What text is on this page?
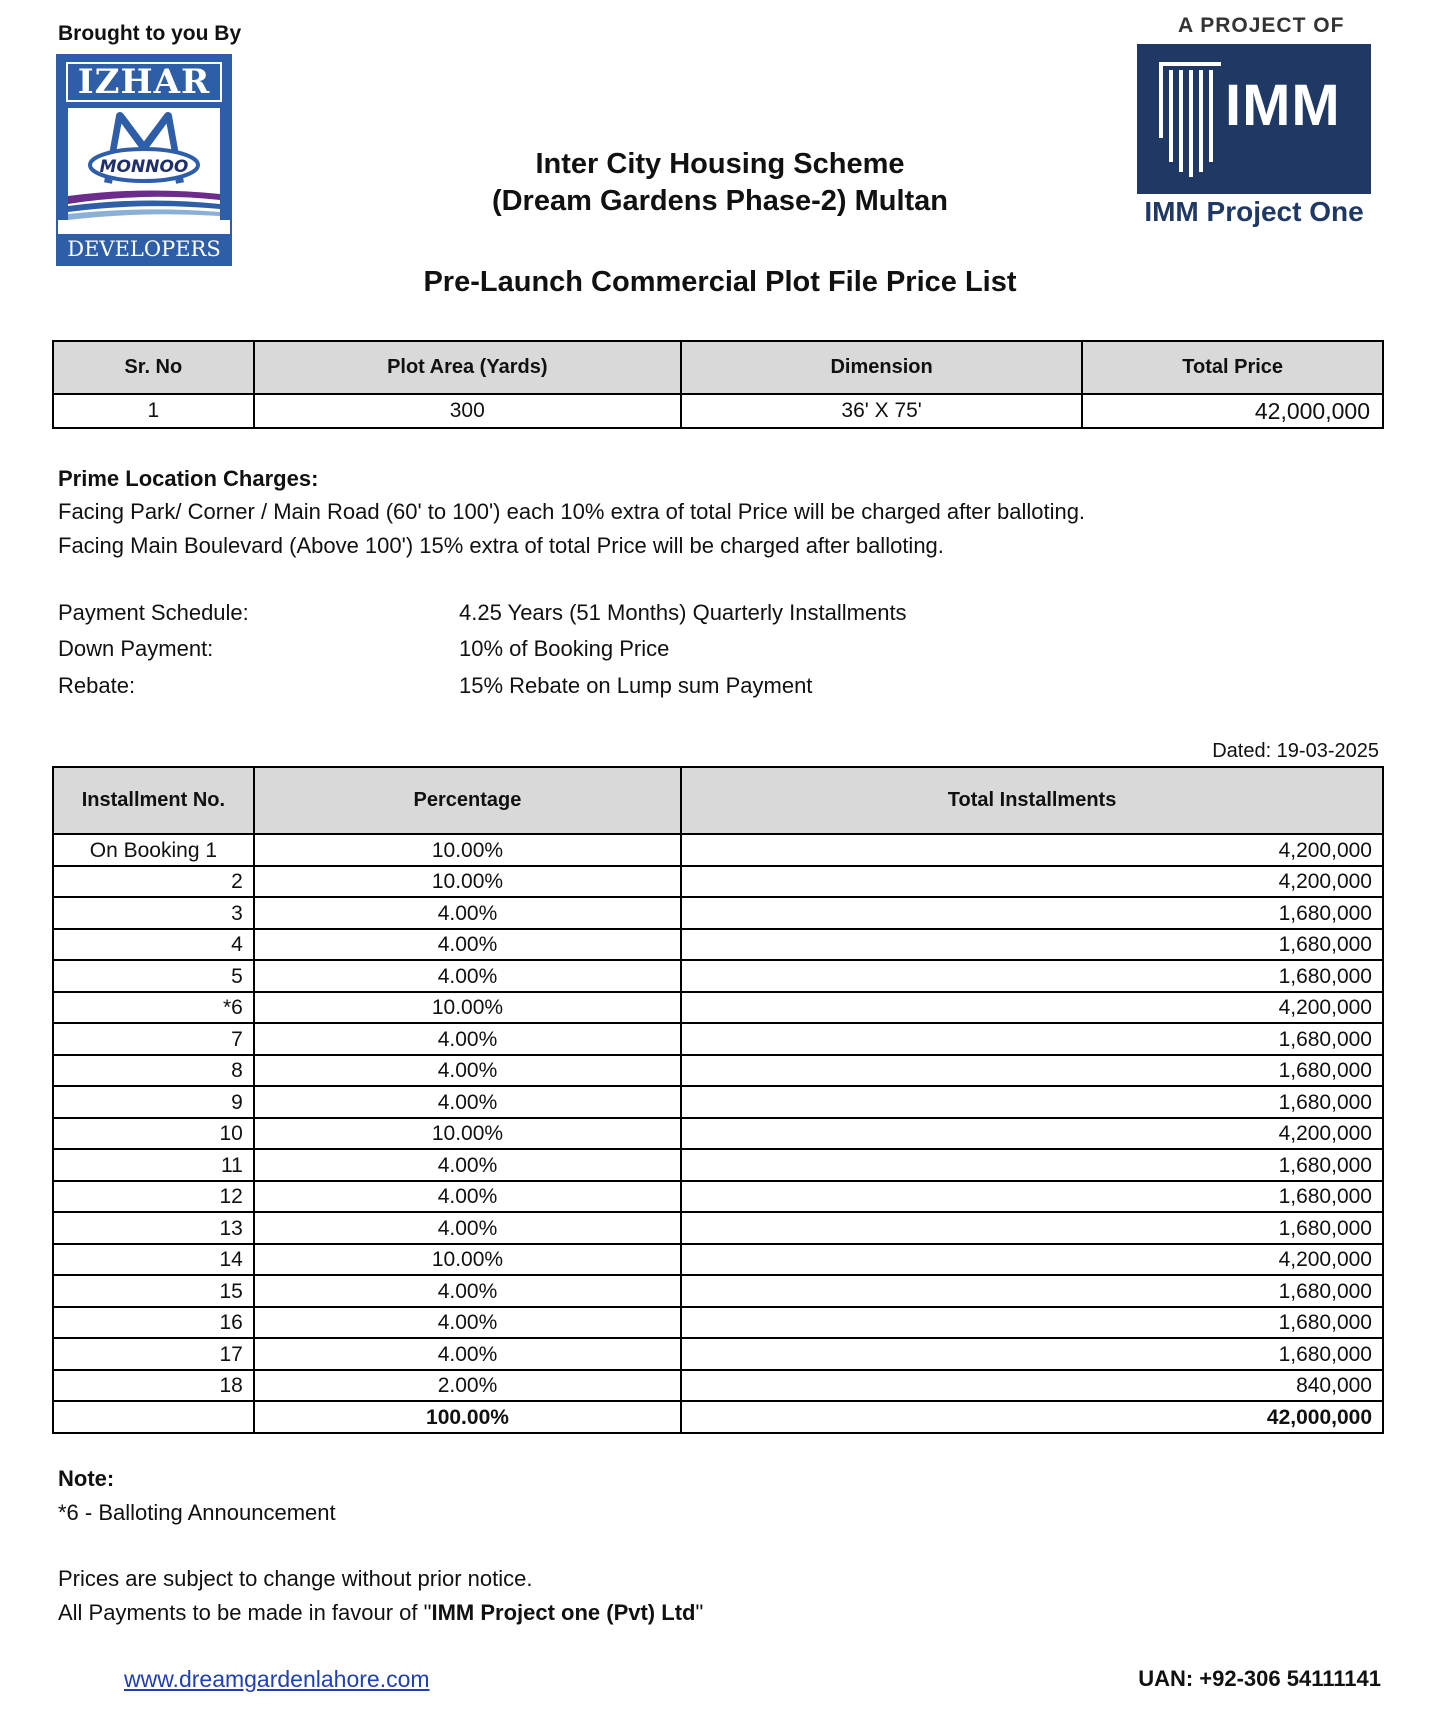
Brought to you By
IZHAR
MONNOO
DEVELOPERS
A PROJECT OF
IMM
IMM Project One
Inter City Housing Scheme
(Dream Gardens Phase-2) Multan
Pre-Launch Commercial Plot File Price List
Sr. No	Plot Area (Yards)	Dimension	Total Price
1	300	36' X 75'	42,000,000
Prime Location Charges:
Facing Park/ Corner / Main Road (60' to 100') each 10% extra of total Price will be charged after balloting.
Facing Main Boulevard (Above 100') 15% extra of total Price will be charged after balloting.
Payment Schedule:	4.25 Years (51 Months) Quarterly Installments
Down Payment:	10% of Booking Price
Rebate:	15% Rebate on Lump sum Payment
Dated: 19-03-2025
Installment No.	Percentage	Total Installments
On Booking 1	10.00%	4,200,000
2	10.00%	4,200,000
3	4.00%	1,680,000
4	4.00%	1,680,000
5	4.00%	1,680,000
*6	10.00%	4,200,000
7	4.00%	1,680,000
8	4.00%	1,680,000
9	4.00%	1,680,000
10	10.00%	4,200,000
11	4.00%	1,680,000
12	4.00%	1,680,000
13	4.00%	1,680,000
14	10.00%	4,200,000
15	4.00%	1,680,000
16	4.00%	1,680,000
17	4.00%	1,680,000
18	2.00%	840,000
	100.00%	42,000,000
Note:
*6 - Balloting Announcement
Prices are subject to change without prior notice.
All Payments to be made in favour of "IMM Project one (Pvt) Ltd"
www.dreamgardenlahore.com	UAN: +92-306 54111141
